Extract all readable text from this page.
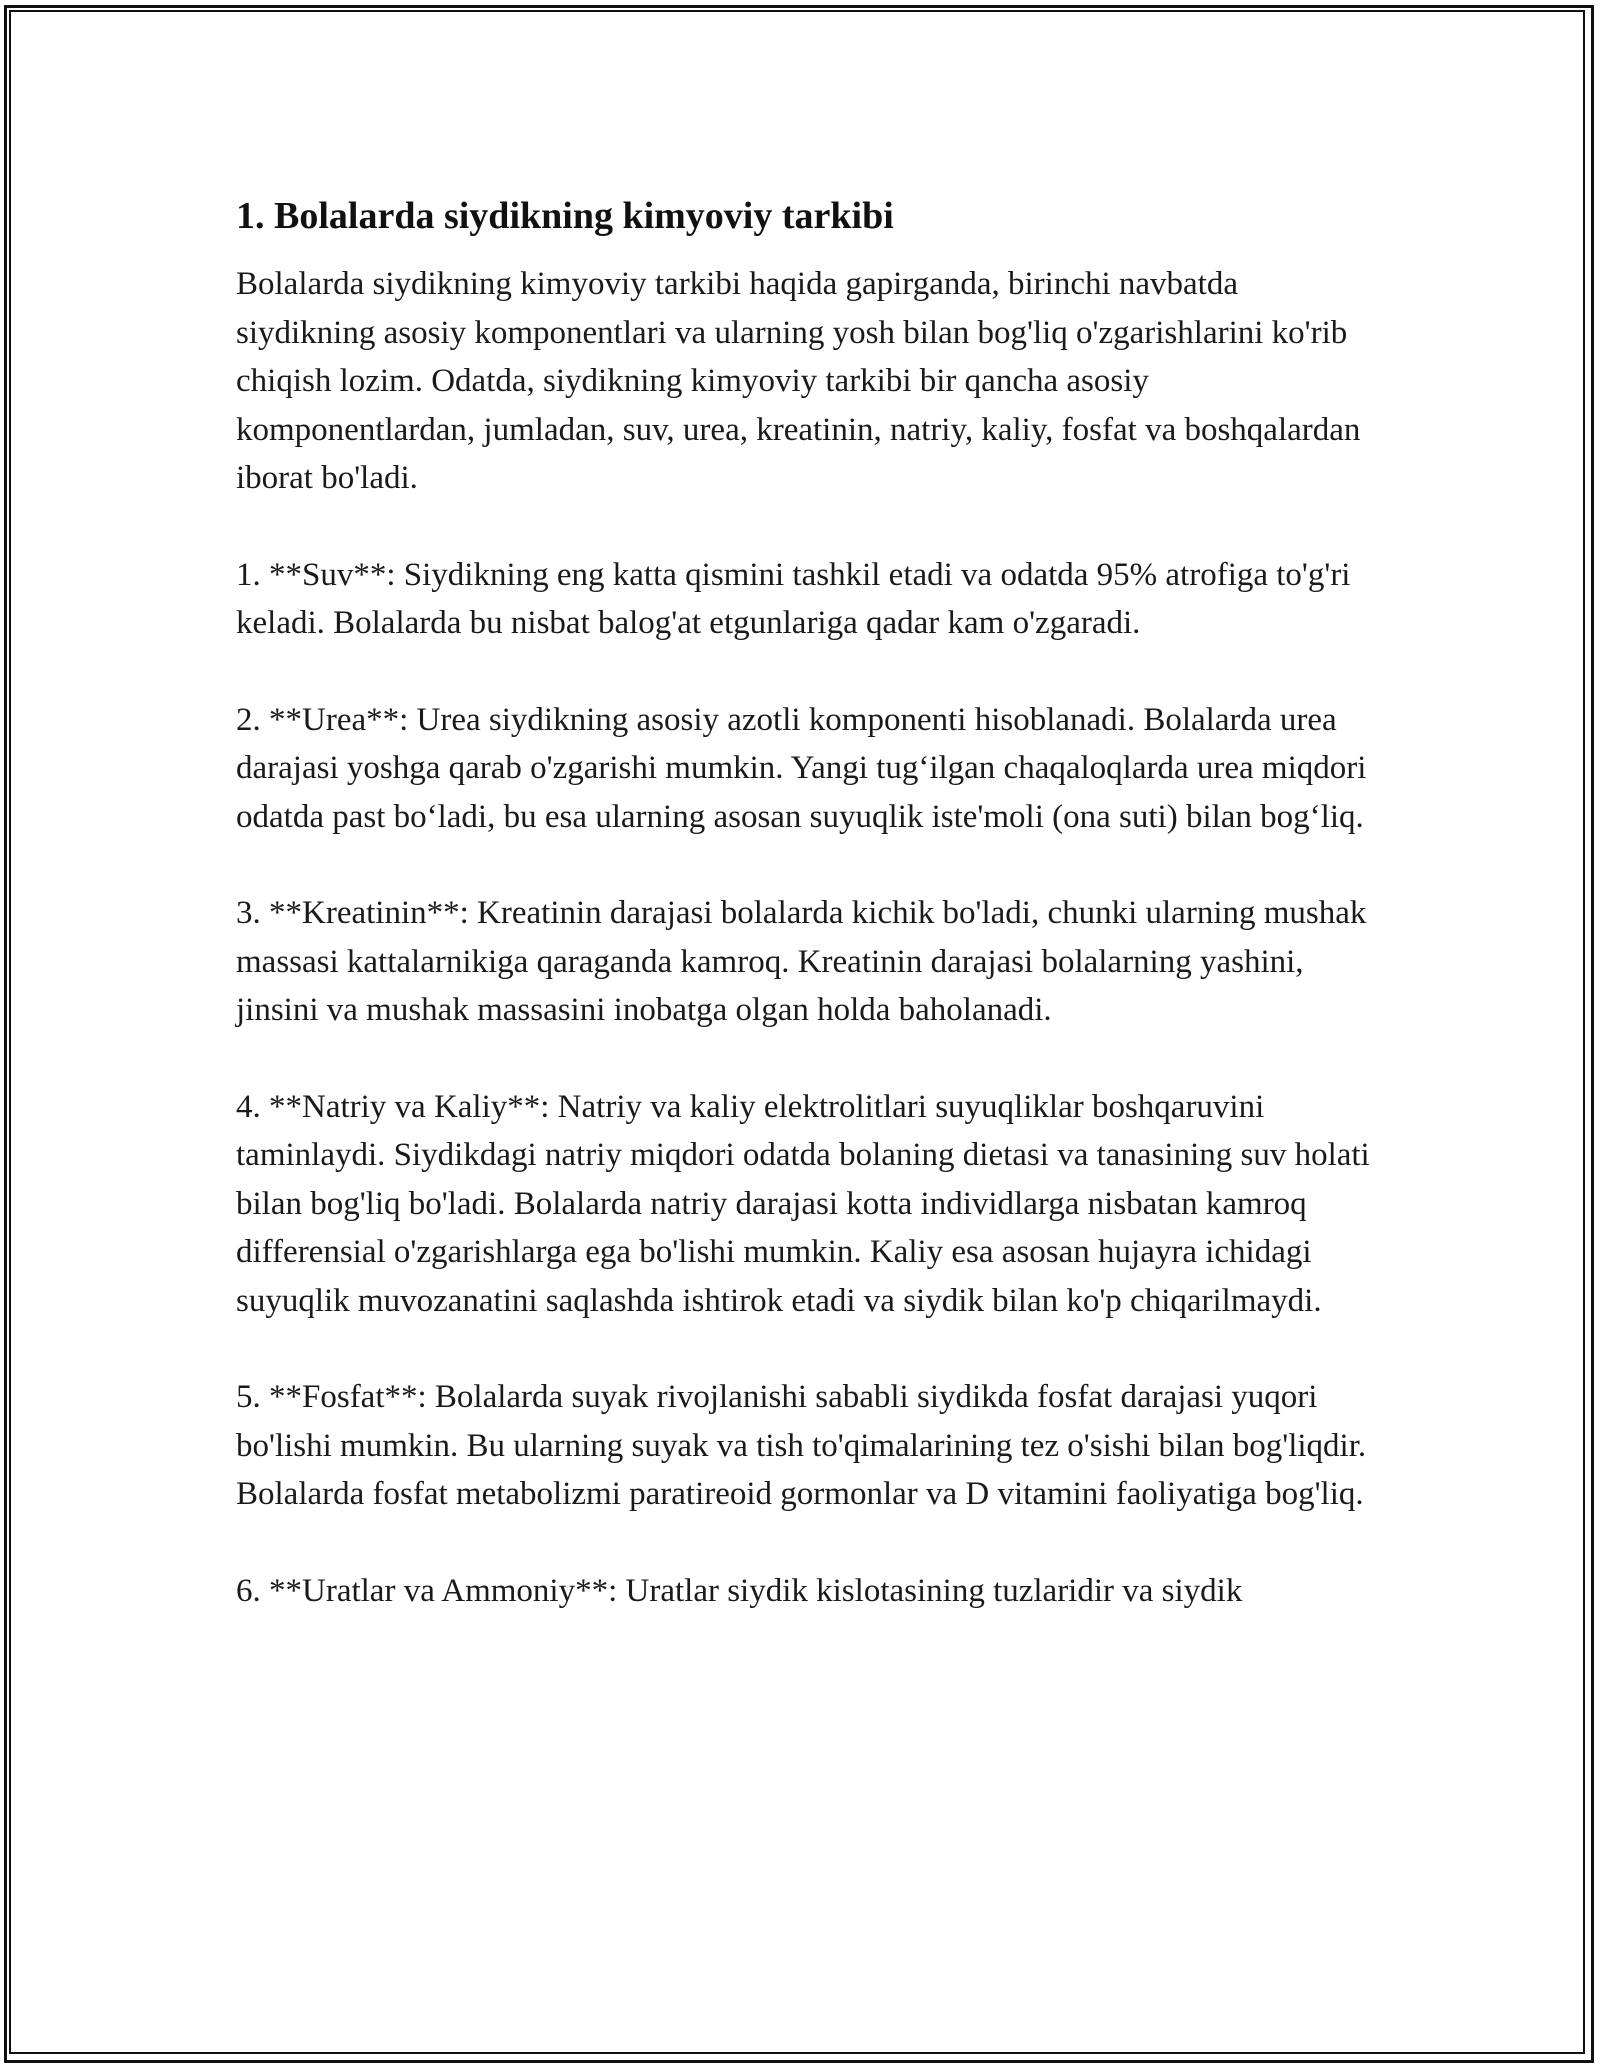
1. Bolalarda siydikning kimyoviy tarkibi

Bolalarda siydikning kimyoviy tarkibi haqida gapirganda, birinchi navbatda siydikning asosiy komponentlari va ularning yosh bilan bog'liq o'zgarishlarini ko'rib chiqish lozim. Odatda, siydikning kimyoviy tarkibi bir qancha asosiy komponentlardan, jumladan, suv, urea, kreatinin, natriy, kaliy, fosfat va boshqalardan iborat bo'ladi.

1. **Suv**: Siydikning eng katta qismini tashkil etadi va odatda 95% atrofiga to'g'ri keladi. Bolalarda bu nisbat balog'at etgunlariga qadar kam o'zgaradi.

2. **Urea**: Urea siydikning asosiy azotli komponenti hisoblanadi. Bolalarda urea darajasi yoshga qarab o'zgarishi mumkin. Yangi tug‘ilgan chaqaloqlarda urea miqdori odatda past bo‘ladi, bu esa ularning asosan suyuqlik iste'moli (ona suti) bilan bog‘liq.

3. **Kreatinin**: Kreatinin darajasi bolalarda kichik bo'ladi, chunki ularning mushak massasi kattalarnikiga qaraganda kamroq. Kreatinin darajasi bolalarning yashini, jinsini va mushak massasini inobatga olgan holda baholanadi.

4. **Natriy va Kaliy**: Natriy va kaliy elektrolitlari suyuqliklar boshqaruvini taminlaydi. Siydikdagi natriy miqdori odatda bolaning dietasi va tanasining suv holati bilan bog'liq bo'ladi. Bolalarda natriy darajasi kotta individlarga nisbatan kamroq differensial o'zgarishlarga ega bo'lishi mumkin. Kaliy esa asosan hujayra ichidagi suyuqlik muvozanatini saqlashda ishtirok etadi va siydik bilan ko'p chiqarilmaydi.

5. **Fosfat**: Bolalarda suyak rivojlanishi sababli siydikda fosfat darajasi yuqori bo'lishi mumkin. Bu ularning suyak va tish to'qimalarining tez o'sishi bilan bog'liqdir. Bolalarda fosfat metabolizmi paratireoid gormonlar va D vitamini faoliyatiga bog'liq.

6. **Uratlar va Ammoniy**: Uratlar siydik kislotasining tuzlaridir va siydik
